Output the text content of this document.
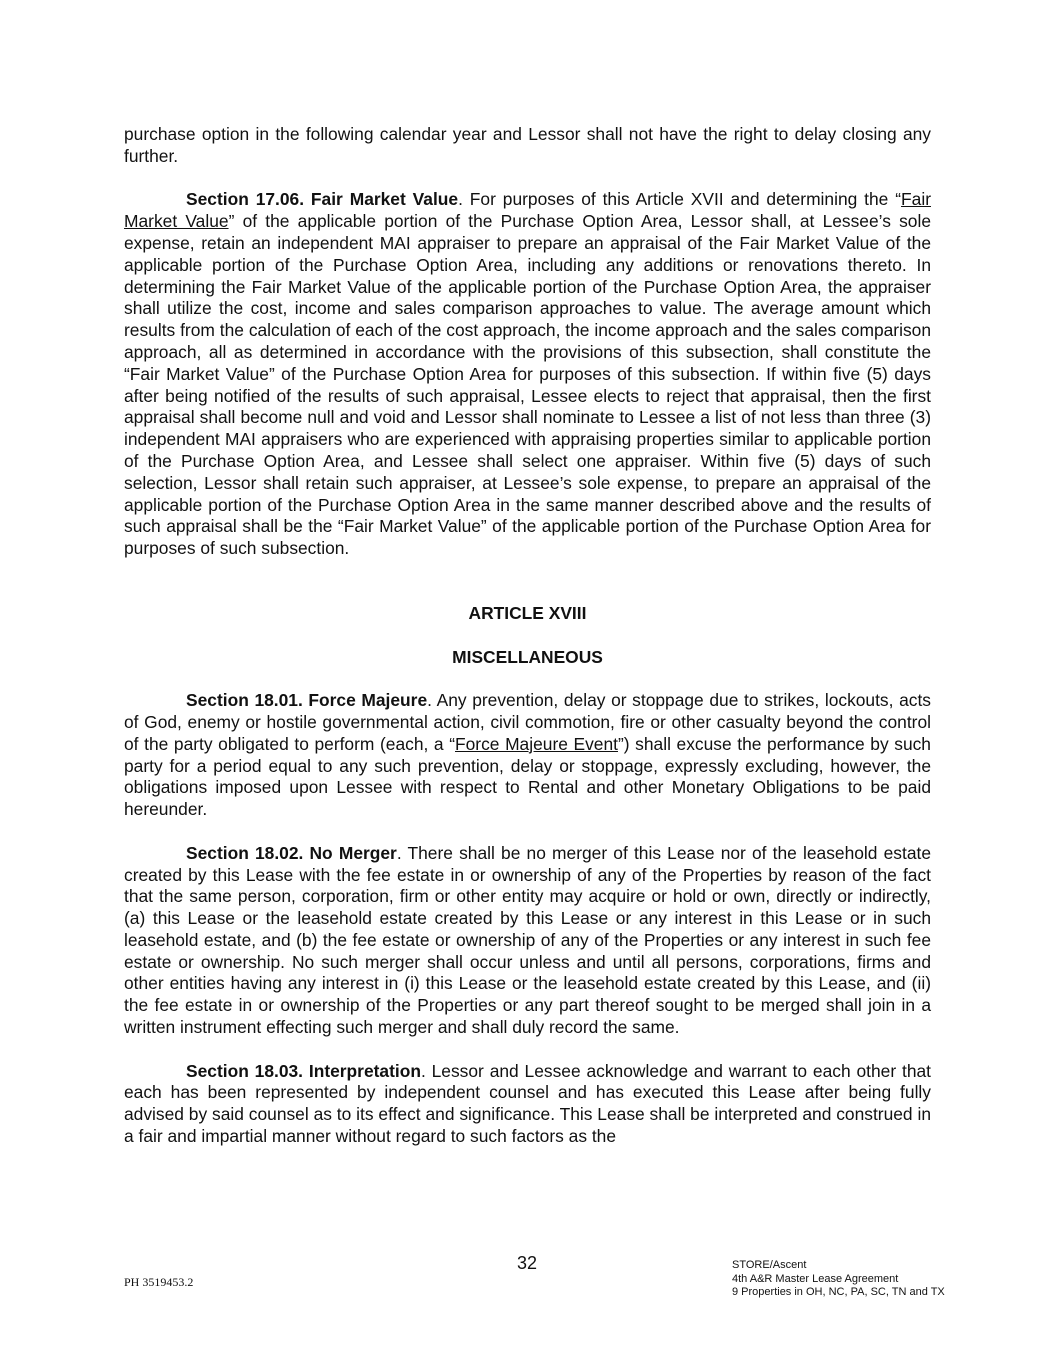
purchase option in the following calendar year and Lessor shall not have the right to delay closing any further.

Section 17.06. Fair Market Value. For purposes of this Article XVII and determining the “Fair Market Value” of the applicable portion of the Purchase Option Area, Lessor shall, at Lessee’s sole expense, retain an independent MAI appraiser to prepare an appraisal of the Fair Market Value of the applicable portion of the Purchase Option Area, including any additions or renovations thereto. In determining the Fair Market Value of the applicable portion of the Purchase Option Area, the appraiser shall utilize the cost, income and sales comparison approaches to value. The average amount which results from the calculation of each of the cost approach, the income approach and the sales comparison approach, all as determined in accordance with the provisions of this subsection, shall constitute the “Fair Market Value” of the Purchase Option Area for purposes of this subsection. If within five (5) days after being notified of the results of such appraisal, Lessee elects to reject that appraisal, then the first appraisal shall become null and void and Lessor shall nominate to Lessee a list of not less than three (3) independent MAI appraisers who are experienced with appraising properties similar to applicable portion of the Purchase Option Area, and Lessee shall select one appraiser. Within five (5) days of such selection, Lessor shall retain such appraiser, at Lessee’s sole expense, to prepare an appraisal of the applicable portion of the Purchase Option Area in the same manner described above and the results of such appraisal shall be the “Fair Market Value” of the applicable portion of the Purchase Option Area for purposes of such subsection.

ARTICLE XVIII

MISCELLANEOUS

Section 18.01. Force Majeure. Any prevention, delay or stoppage due to strikes, lockouts, acts of God, enemy or hostile governmental action, civil commotion, fire or other casualty beyond the control of the party obligated to perform (each, a “Force Majeure Event”) shall excuse the performance by such party for a period equal to any such prevention, delay or stoppage, expressly excluding, however, the obligations imposed upon Lessee with respect to Rental and other Monetary Obligations to be paid hereunder.

Section 18.02. No Merger. There shall be no merger of this Lease nor of the leasehold estate created by this Lease with the fee estate in or ownership of any of the Properties by reason of the fact that the same person, corporation, firm or other entity may acquire or hold or own, directly or indirectly, (a) this Lease or the leasehold estate created by this Lease or any interest in this Lease or in such leasehold estate, and (b) the fee estate or ownership of any of the Properties or any interest in such fee estate or ownership. No such merger shall occur unless and until all persons, corporations, firms and other entities having any interest in (i) this Lease or the leasehold estate created by this Lease, and (ii) the fee estate in or ownership of the Properties or any part thereof sought to be merged shall join in a written instrument effecting such merger and shall duly record the same.

Section 18.03. Interpretation. Lessor and Lessee acknowledge and warrant to each other that each has been represented by independent counsel and has executed this Lease after being fully advised by said counsel as to its effect and significance. This Lease shall be interpreted and construed in a fair and impartial manner without regard to such factors as the

32
PH 3519453.2
STORE/Ascent
4th A&R Master Lease Agreement
9 Properties in OH, NC, PA, SC, TN and TX
